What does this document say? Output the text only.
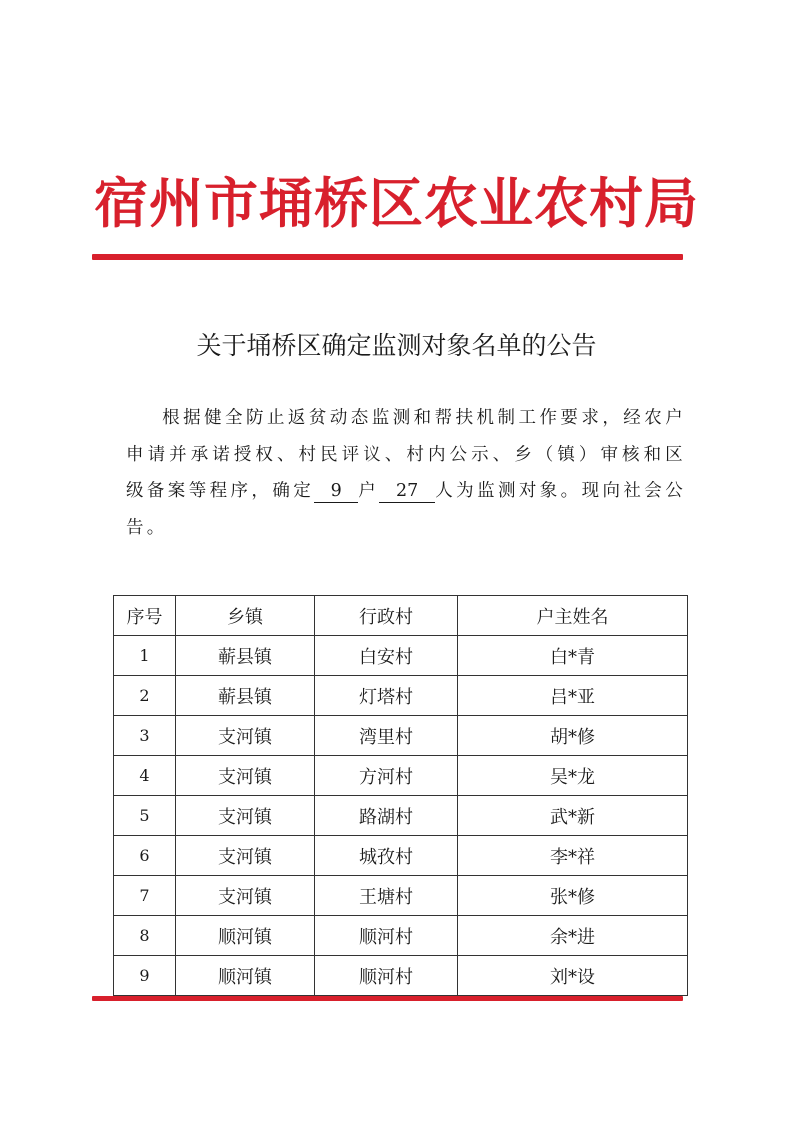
宿州市埇桥区农业农村局
关于埇桥区确定监测对象名单的公告
根据健全防止返贫动态监测和帮扶机制工作要求，经农户申请并承诺授权、村民评议、村内公示、乡（镇）审核和区级备案等程序，确定 9 户 27 人为监测对象。现向社会公告。
序号	乡镇	行政村	户主姓名
1	蕲县镇	白安村	白*青
2	蕲县镇	灯塔村	吕*亚
3	支河镇	湾里村	胡*修
4	支河镇	方河村	吴*龙
5	支河镇	路湖村	武*新
6	支河镇	城孜村	李*祥
7	支河镇	王塘村	张*修
8	顺河镇	顺河村	余*进
9	顺河镇	顺河村	刘*设
